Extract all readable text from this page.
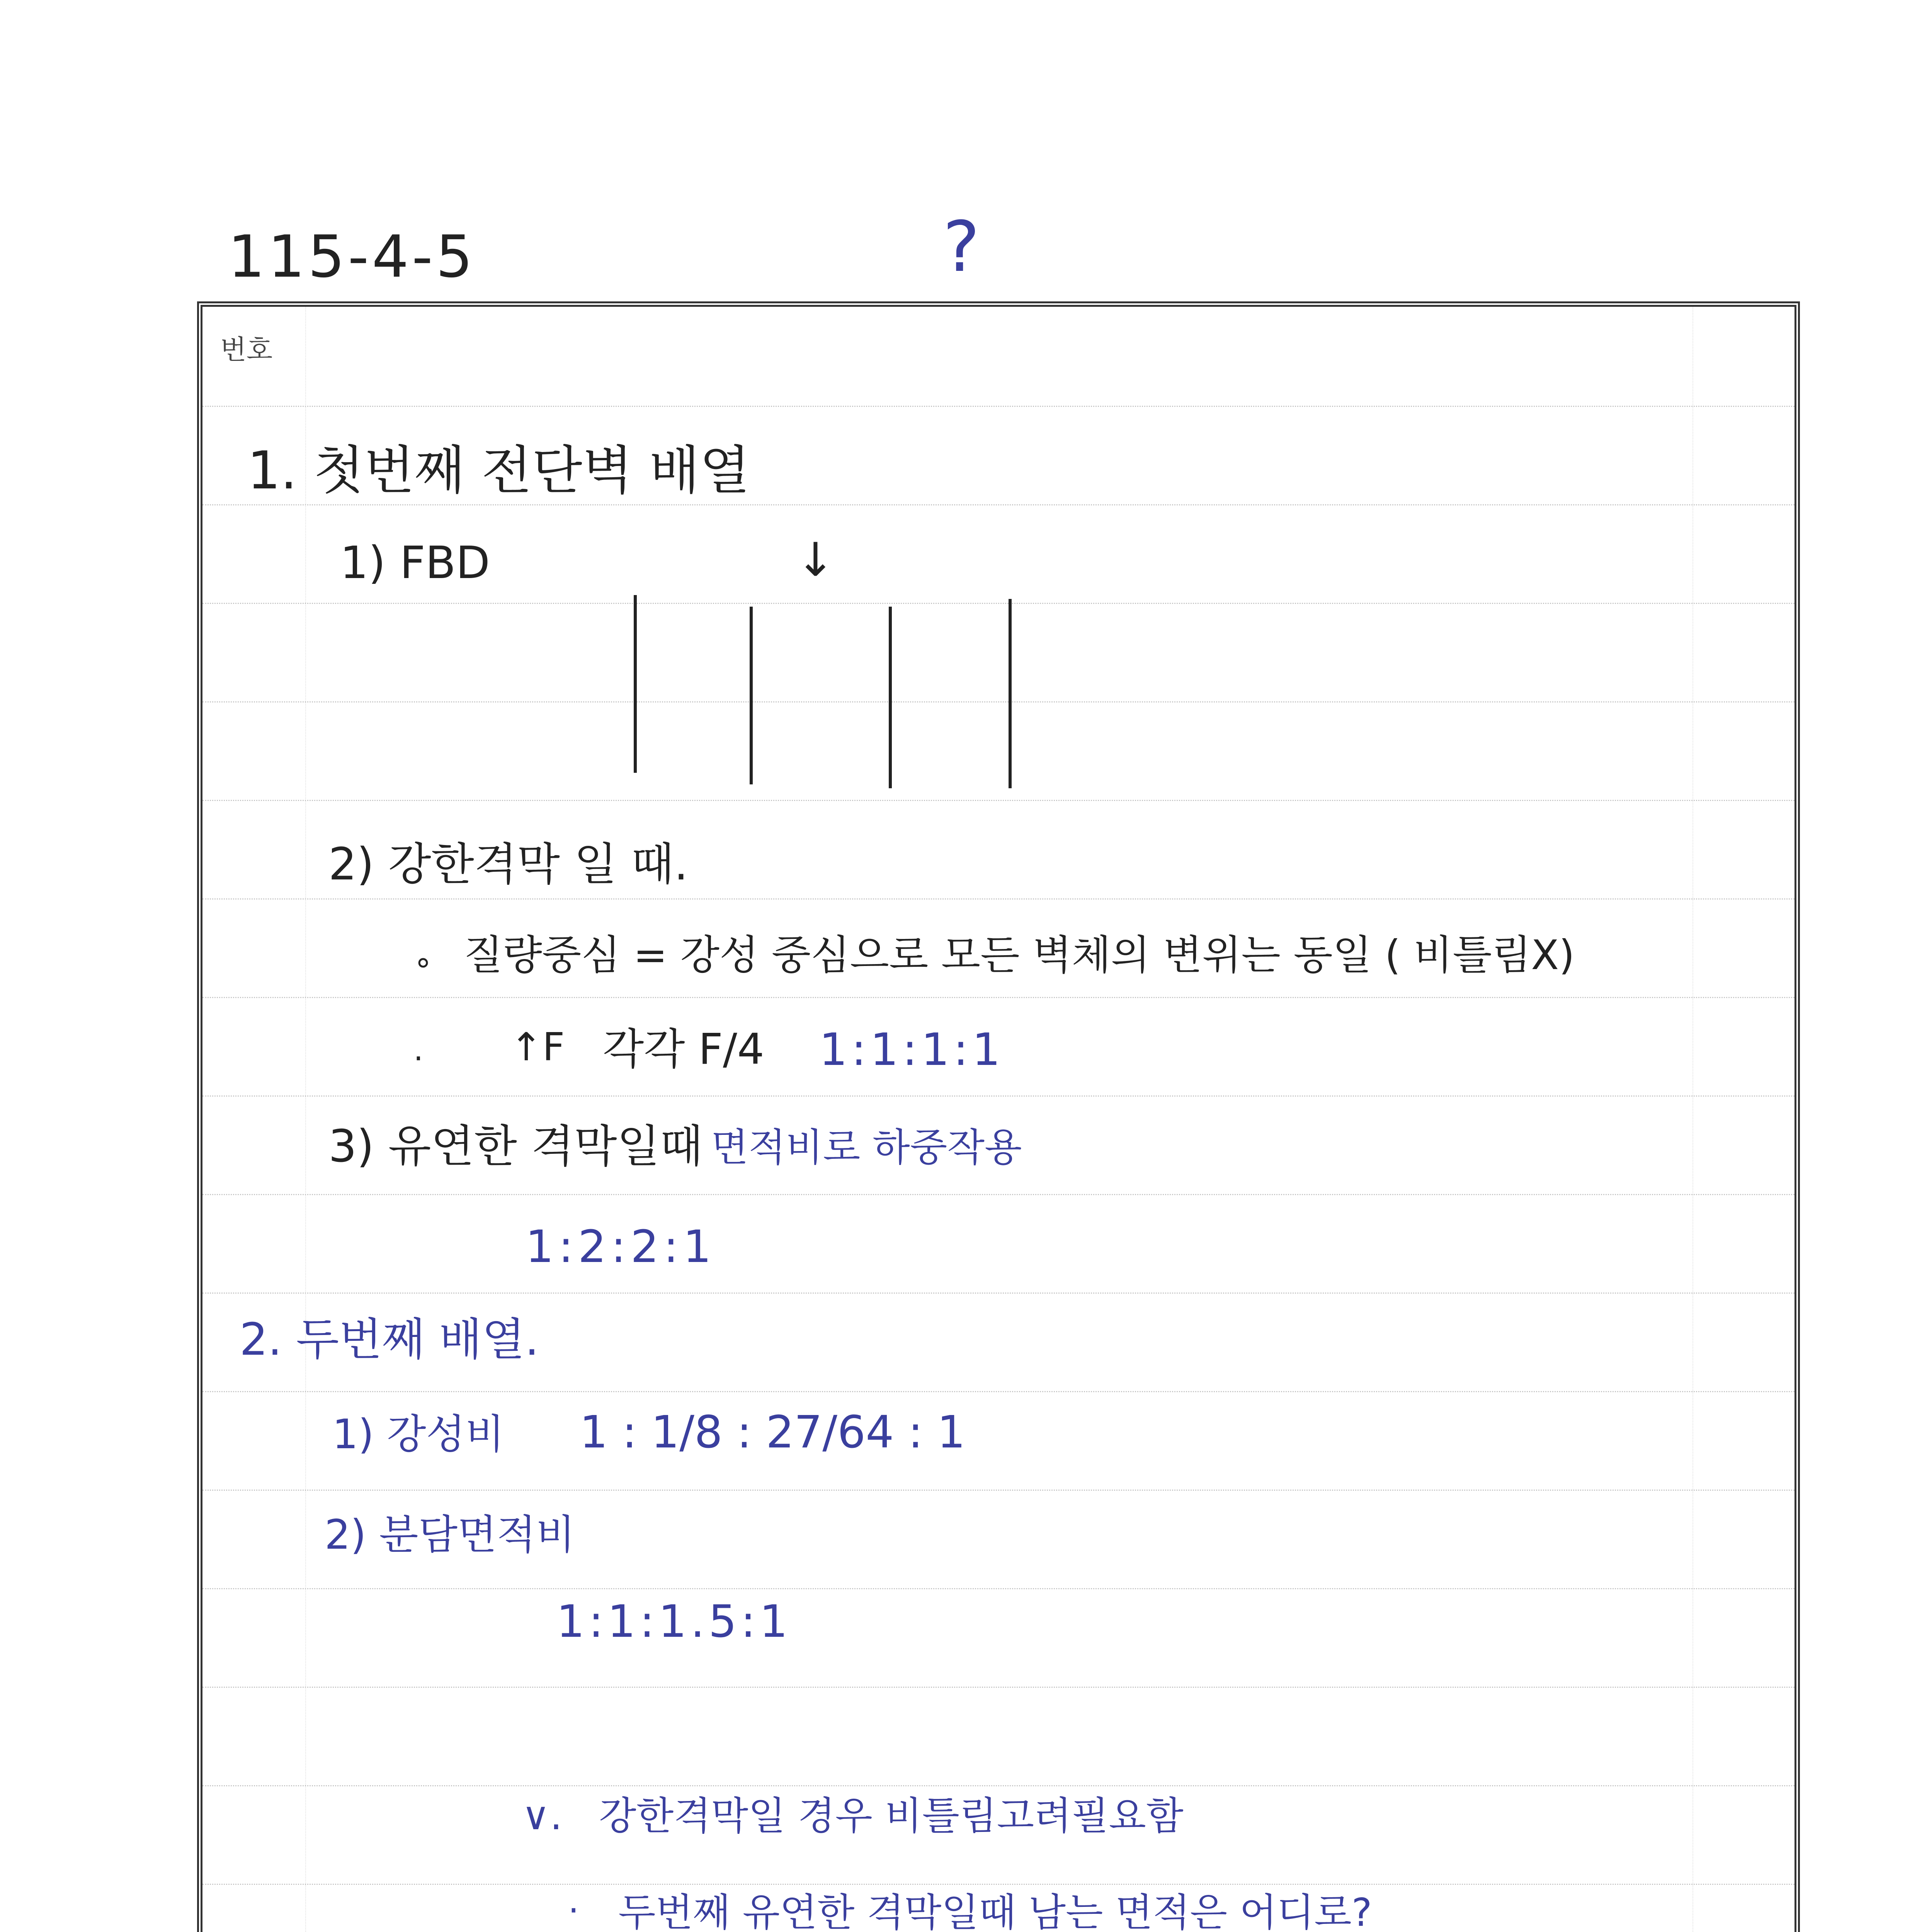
115-4-5	?
번호
1. 첫번째 전단벽 배열
1) FBD	↓
2) 강한격막 일 때.
∘ 질량중심 = 강성 중심으로 모든 벽체의 변위는 동일 ( 비틀림X)
· ↑F 각각 F/4 1:1:1:1
3) 유연한 격막일때 면적비로 하중작용
1:2:2:1
2. 두번째 배열.
1) 강성비 1 : 1/8 : 27/64 : 1
2) 분담면적비
1:1:1.5:1
∨. 강한격막일 경우 비틀림고려필요함
· 두번째 유연한 격막일때 남는 면적은 어디로?
